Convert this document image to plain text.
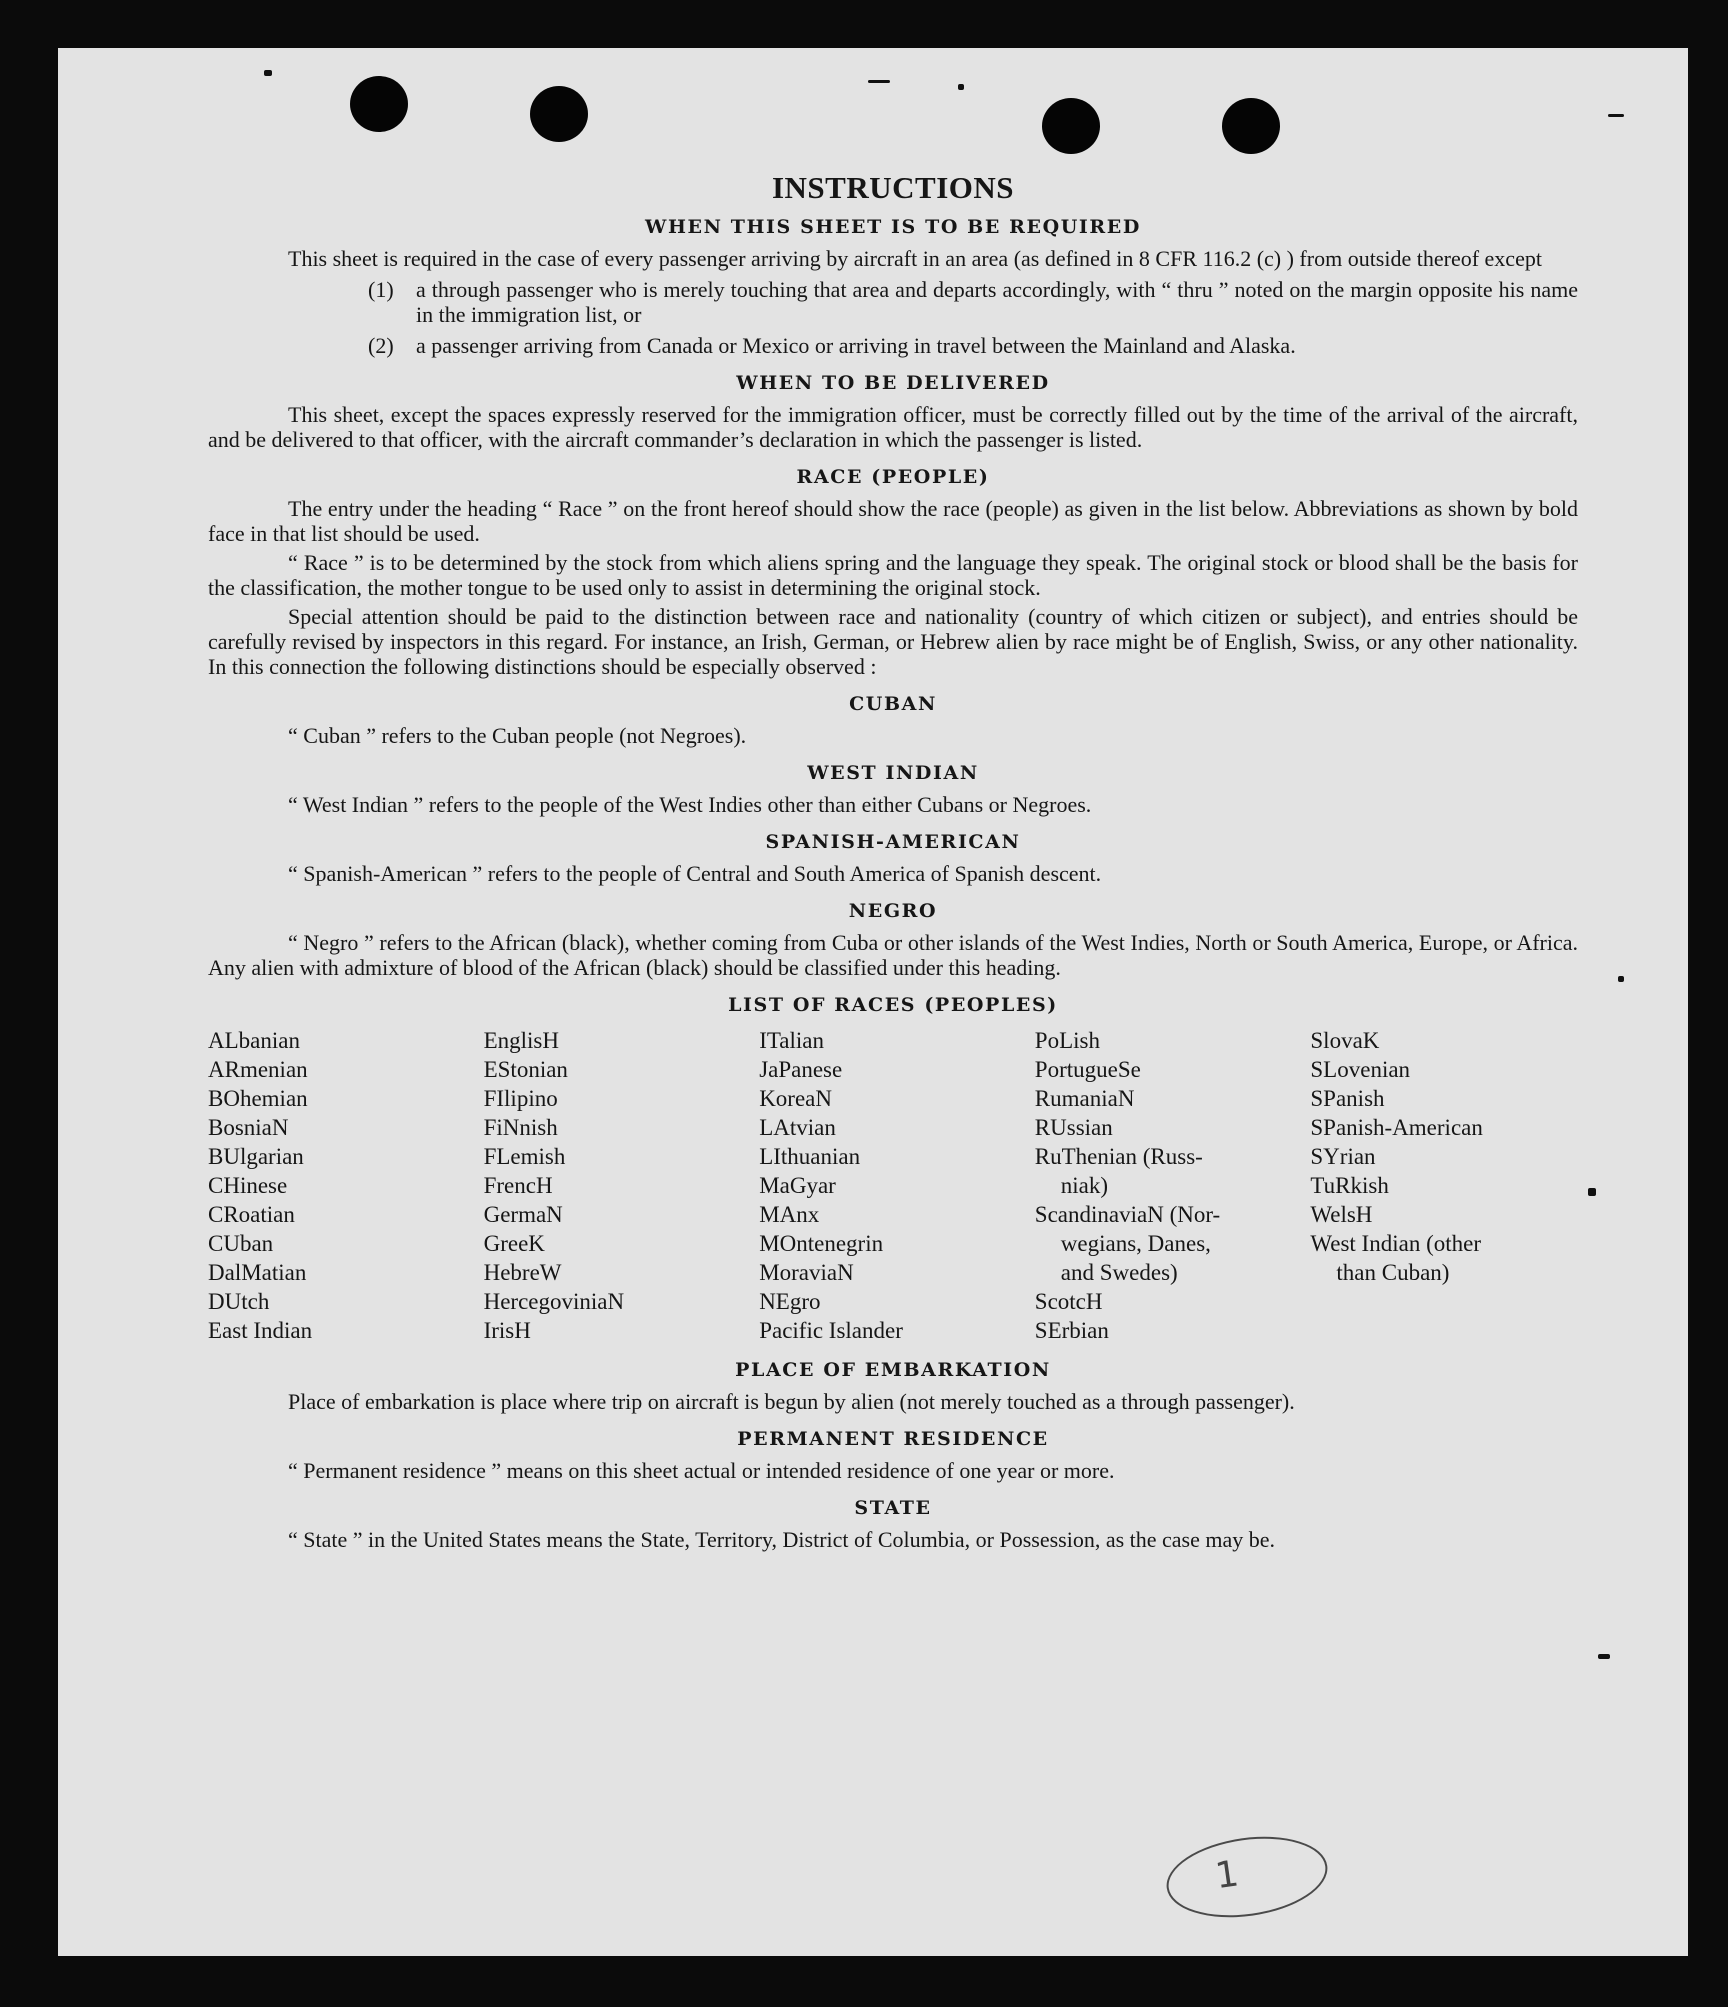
INSTRUCTIONS
WHEN THIS SHEET IS TO BE REQUIRED
This sheet is required in the case of every passenger arriving by aircraft in an area (as defined in 8 CFR 116.2 (c) ) from outside thereof except
(1)	a through passenger who is merely touching that area and departs accordingly, with “ thru ” noted on the margin opposite his name in the immigration list, or
(2)	a passenger arriving from Canada or Mexico or arriving in travel between the Mainland and Alaska.
WHEN TO BE DELIVERED
This sheet, except the spaces expressly reserved for the immigration officer, must be correctly filled out by the time of the arrival of the aircraft, and be delivered to that officer, with the aircraft commander’s declaration in which the passenger is listed.
RACE (PEOPLE)
The entry under the heading “ Race ” on the front hereof should show the race (people) as given in the list below. Abbreviations as shown by bold face in that list should be used.
“ Race ” is to be determined by the stock from which aliens spring and the language they speak. The original stock or blood shall be the basis for the classification, the mother tongue to be used only to assist in determining the original stock.
Special attention should be paid to the distinction between race and nationality (country of which citizen or subject), and entries should be carefully revised by inspectors in this regard. For instance, an Irish, German, or Hebrew alien by race might be of English, Swiss, or any other nationality. In this connection the following distinctions should be especially observed :
CUBAN
“ Cuban ” refers to the Cuban people (not Negroes).
WEST INDIAN
“ West Indian ” refers to the people of the West Indies other than either Cubans or Negroes.
SPANISH-AMERICAN
“ Spanish-American ” refers to the people of Central and South America of Spanish descent.
NEGRO
“ Negro ” refers to the African (black), whether coming from Cuba or other islands of the West Indies, North or South America, Europe, or Africa. Any alien with admixture of blood of the African (black) should be classified under this heading.
LIST OF RACES (PEOPLES)
ALbanian
ARmenian
BOhemian
BosniaN
BUlgarian
CHinese
CRoatian
CUban
DalMatian
DUtch
East Indian
EnglisH
EStonian
FIlipino
FiNnish
FLemish
FrencH
GermaN
GreeK
HebreW
HercegoviniaN
IrisH
ITalian
JaPanese
KoreaN
LAtvian
LIthuanian
MaGyar
MAnx
MOntenegrin
MoraviaN
NEgro
Pacific Islander
PoLish
PortugueSe
RumaniaN
RUssian
RuThenian (Russ-
niak)
ScandinaviaN (Nor-
wegians, Danes,
and Swedes)
ScotcH
SErbian
SlovaK
SLovenian
SPanish
SPanish-American
SYrian
TuRkish
WelsH
West Indian (other
than Cuban)
PLACE OF EMBARKATION
Place of embarkation is place where trip on aircraft is begun by alien (not merely touched as a through passenger).
PERMANENT RESIDENCE
“ Permanent residence ” means on this sheet actual or intended residence of one year or more.
STATE
“ State ” in the United States means the State, Territory, District of Columbia, or Possession, as the case may be.
1
